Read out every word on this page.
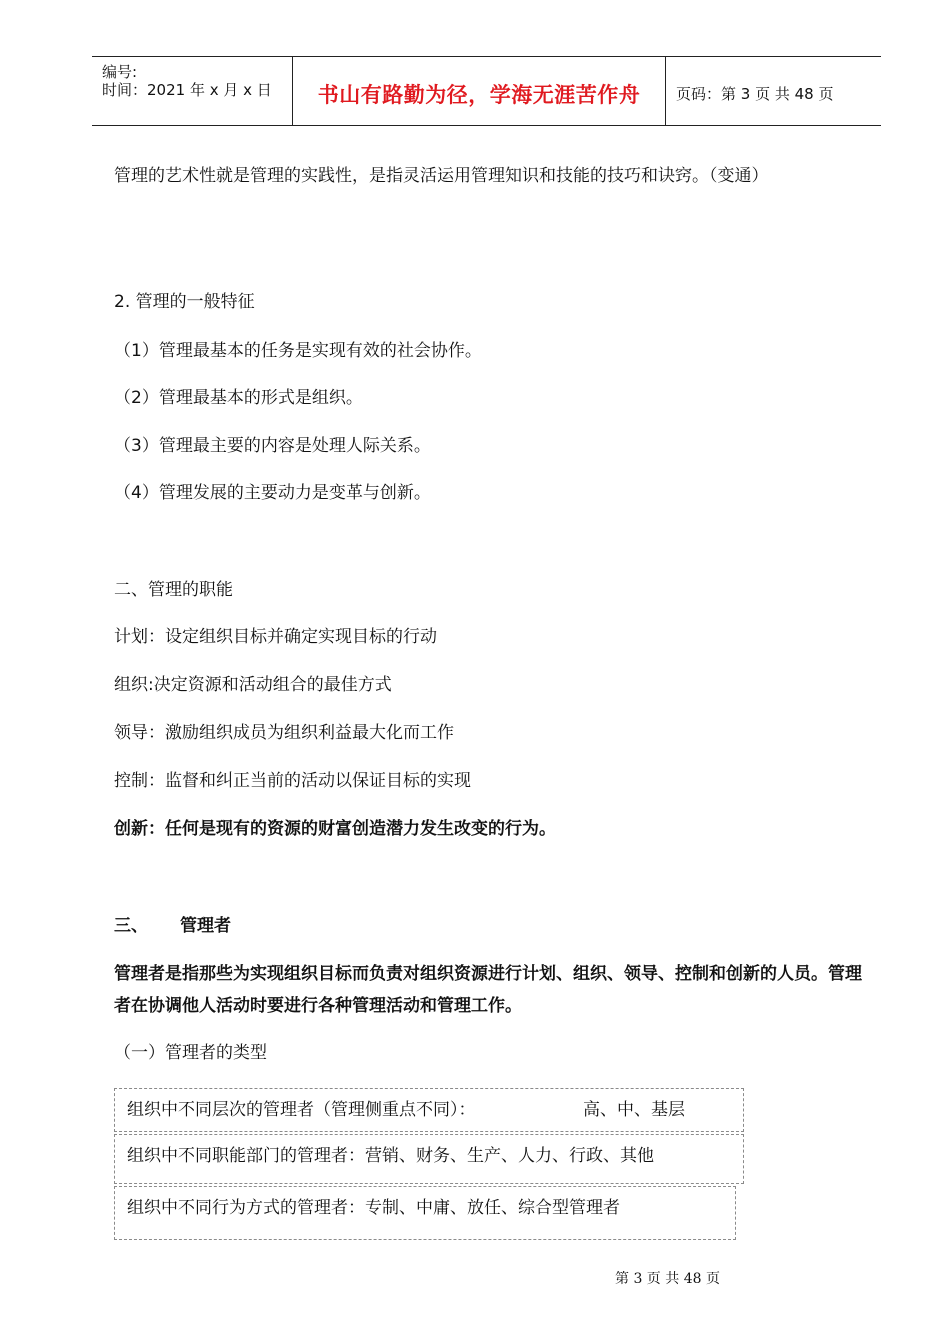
编号:
时间：2021 年 x 月 x 日	书山有路勤为径，学海无涯苦作舟	页码：第 3 页 共 48 页
管理的艺术性就是管理的实践性，是指灵活运用管理知识和技能的技巧和诀窍。（变通）
2. 管理的一般特征
（1）管理最基本的任务是实现有效的社会协作。
（2）管理最基本的形式是组织。
（3）管理最主要的内容是处理人际关系。
（4）管理发展的主要动力是变革与创新。
二、管理的职能
计划：设定组织目标并确定实现目标的行动
组织:决定资源和活动组合的最佳方式
领导：激励组织成员为组织利益最大化而工作
控制：监督和纠正当前的活动以保证目标的实现
创新：任何是现有的资源的财富创造潜力发生改变的行为。
三、 管理者
管理者是指那些为实现组织目标而负责对组织资源进行计划、组织、领导、控制和创新的人员。管理者在协调他人活动时要进行各种管理活动和管理工作。
（一）管理者的类型
组织中不同层次的管理者（管理侧重点不同）：	高、中、基层
组织中不同职能部门的管理者：营销、财务、生产、人力、行政、其他
组织中不同行为方式的管理者：专制、中庸、放任、综合型管理者
第 3 页 共 48 页
